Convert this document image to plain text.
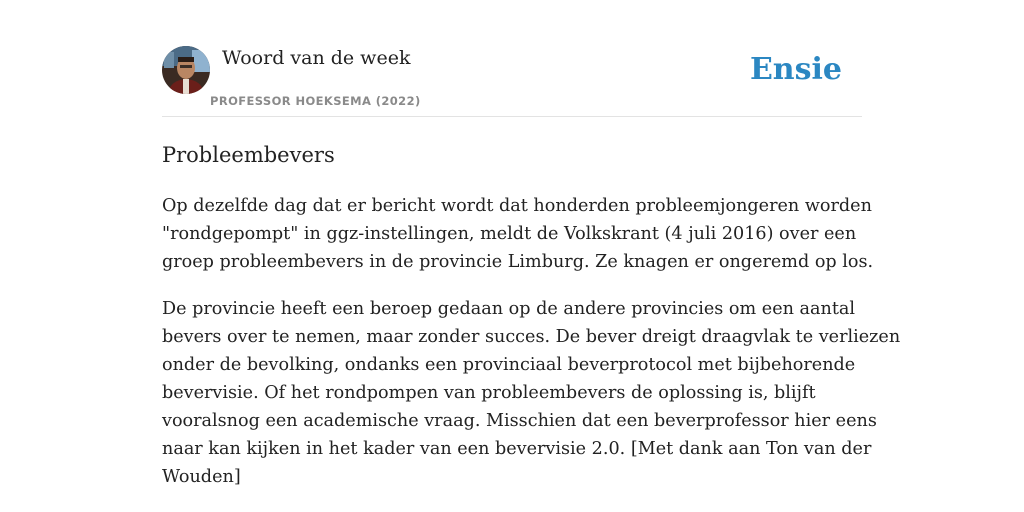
Woord van de week
PROFESSOR HOEKSEMA (2022)
Ensie
Probleembevers

Op dezelfde dag dat er bericht wordt dat honderden probleemjongeren worden
"rondgepompt" in ggz-instellingen, meldt de Volkskrant (4 juli 2016) over een
groep probleembevers in de provincie Limburg. Ze knagen er ongeremd op los.

De provincie heeft een beroep gedaan op de andere provincies om een aantal
bevers over te nemen, maar zonder succes. De bever dreigt draagvlak te verliezen
onder de bevolking, ondanks een provinciaal beverprotocol met bijbehorende
bevervisie. Of het rondpompen van probleembevers de oplossing is, blijft
vooralsnog een academische vraag. Misschien dat een beverprofessor hier eens
naar kan kijken in het kader van een bevervisie 2.0. [Met dank aan Ton van der
Wouden]
